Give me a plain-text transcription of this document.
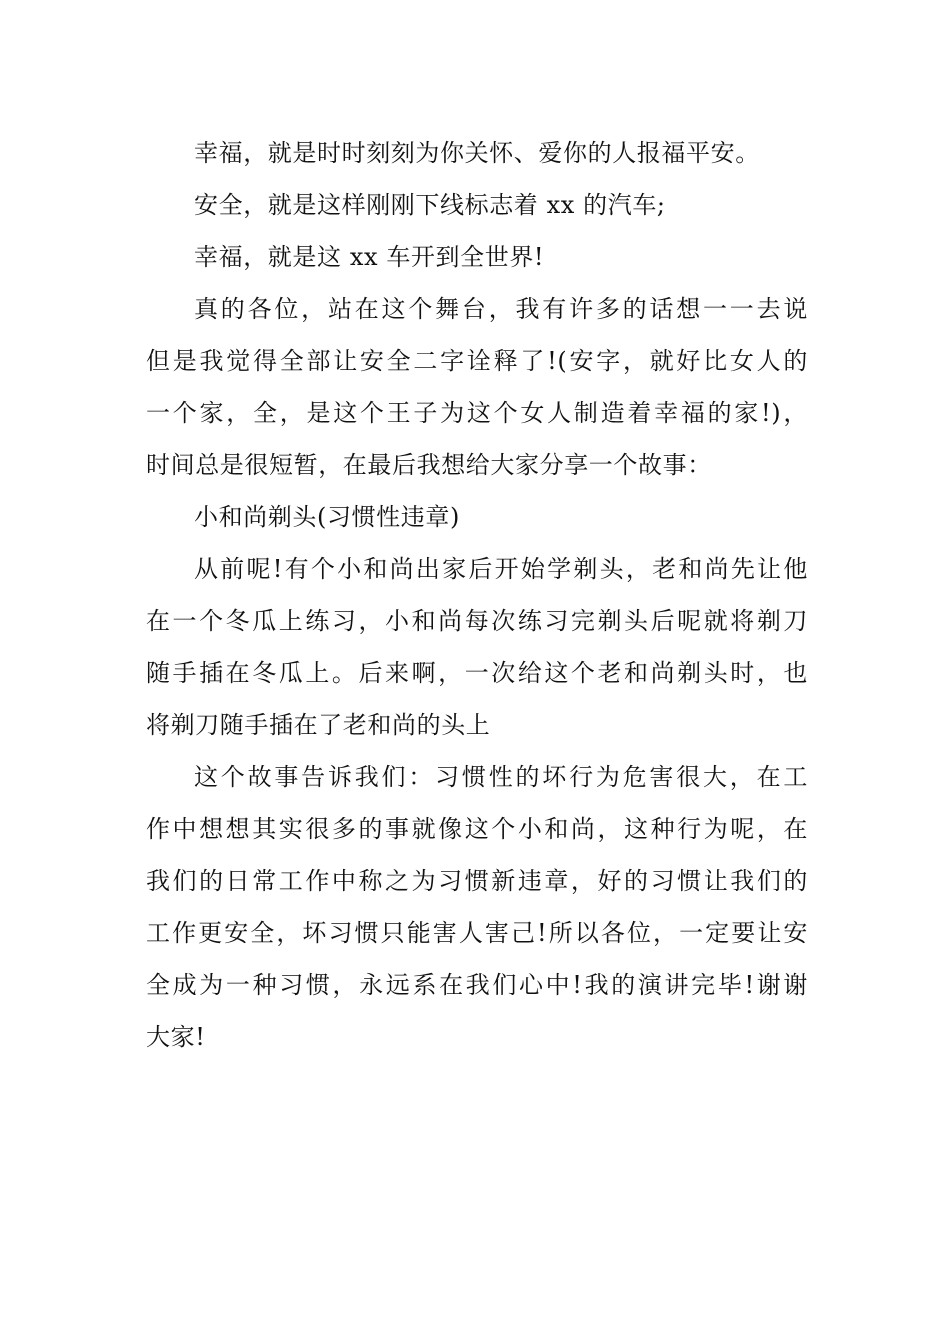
幸福，就是时时刻刻为你关怀、爱你的人报福平安。
安全，就是这样刚刚下线标志着 xx 的汽车;
幸福，就是这 xx 车开到全世界!
真的各位，站在这个舞台，我有许多的话想一一去说
但是我觉得全部让安全二字诠释了!(安字，就好比女人的
一个家，全，是这个王子为这个女人制造着幸福的家!)，
时间总是很短暂，在最后我想给大家分享一个故事：
小和尚剃头(习惯性违章)
从前呢!有个小和尚出家后开始学剃头，老和尚先让他
在一个冬瓜上练习，小和尚每次练习完剃头后呢就将剃刀
随手插在冬瓜上。后来啊，一次给这个老和尚剃头时，也
将剃刀随手插在了老和尚的头上
这个故事告诉我们：习惯性的坏行为危害很大，在工
作中想想其实很多的事就像这个小和尚，这种行为呢，在
我们的日常工作中称之为习惯新违章，好的习惯让我们的
工作更安全，坏习惯只能害人害己!所以各位，一定要让安
全成为一种习惯，永远系在我们心中!我的演讲完毕!谢谢
大家!
